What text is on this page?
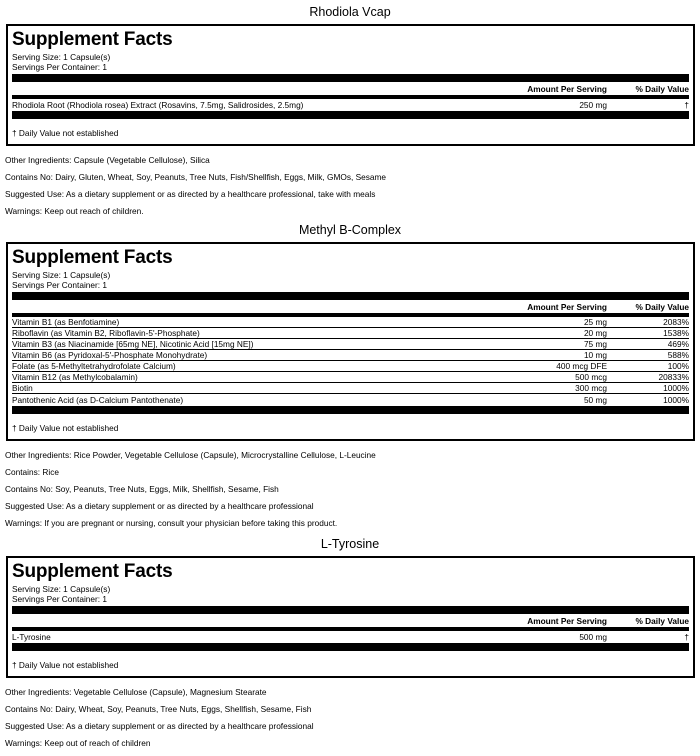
Rhodiola Vcap
Supplement Facts
Serving Size: 1 Capsule(s)
Servings Per Container: 1
Amount Per Serving	% Daily Value
Rhodiola Root (Rhodiola rosea) Extract (Rosavins, 7.5mg, Salidrosides, 2.5mg)	250 mg	†
† Daily Value not established
Other Ingredients: Capsule (Vegetable Cellulose), Silica
Contains No: Dairy, Gluten, Wheat, Soy, Peanuts, Tree Nuts, Fish/Shellfish, Eggs, Milk, GMOs, Sesame
Suggested Use: As a dietary supplement or as directed by a healthcare professional, take with meals
Warnings: Keep out reach of children.
Methyl B-Complex
Supplement Facts
Serving Size: 1 Capsule(s)
Servings Per Container: 1
Amount Per Serving	% Daily Value
Vitamin B1 (as Benfotiamine)	25 mg	2083%
Riboflavin (as Vitamin B2, Riboflavin-5'-Phosphate)	20 mg	1538%
Vitamin B3 (as Niacinamide [65mg NE], Nicotinic Acid [15mg NE])	75 mg	469%
Vitamin B6 (as Pyridoxal-5'-Phosphate Monohydrate)	10 mg	588%
Folate (as 5-Methyltetrahydrofolate Calcium)	400 mcg DFE	100%
Vitamin B12 (as Methylcobalamin)	500 mcg	20833%
Biotin	300 mcg	1000%
Pantothenic Acid (as D-Calcium Pantothenate)	50 mg	1000%
† Daily Value not established
Other Ingredients: Rice Powder, Vegetable Cellulose (Capsule), Microcrystalline Cellulose, L-Leucine
Contains: Rice
Contains No: Soy, Peanuts, Tree Nuts, Eggs, Milk, Shellfish, Sesame, Fish
Suggested Use: As a dietary supplement or as directed by a healthcare professional
Warnings: If you are pregnant or nursing, consult your physician before taking this product.
L-Tyrosine
Supplement Facts
Serving Size: 1 Capsule(s)
Servings Per Container: 1
Amount Per Serving	% Daily Value
L-Tyrosine	500 mg	†
† Daily Value not established
Other Ingredients: Vegetable Cellulose (Capsule), Magnesium Stearate
Contains No: Dairy, Wheat, Soy, Peanuts, Tree Nuts, Eggs, Shellfish, Sesame, Fish
Suggested Use: As a dietary supplement or as directed by a healthcare professional
Warnings: Keep out of reach of children
